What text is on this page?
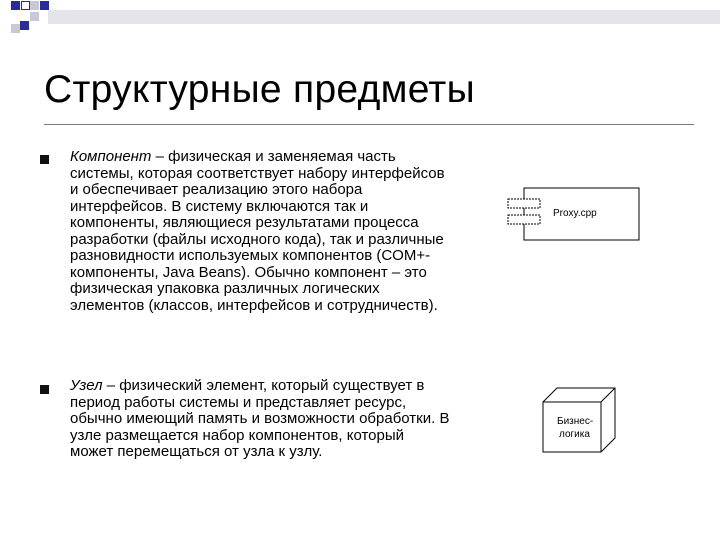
Структурные предметы

Компонент – физическая и заменяемая часть системы, которая соответствует набору интерфейсов и обеспечивает реализацию этого набора интерфейсов. В систему включаются так и компоненты, являющиеся результатами процесса разработки (файлы исходного кода), так и различные разновидности используемых компонентов (COM+-компоненты, Java Beans). Обычно компонент – это физическая упаковка различных логических элементов (классов, интерфейсов и сотрудничеств).

Узел – физический элемент, который существует в период работы системы и представляет ресурс, обычно имеющий память и возможности обработки. В узле размещается набор компонентов, который может перемещаться от узла к узлу.

Proxy.cpp
Бизнес-
логика
